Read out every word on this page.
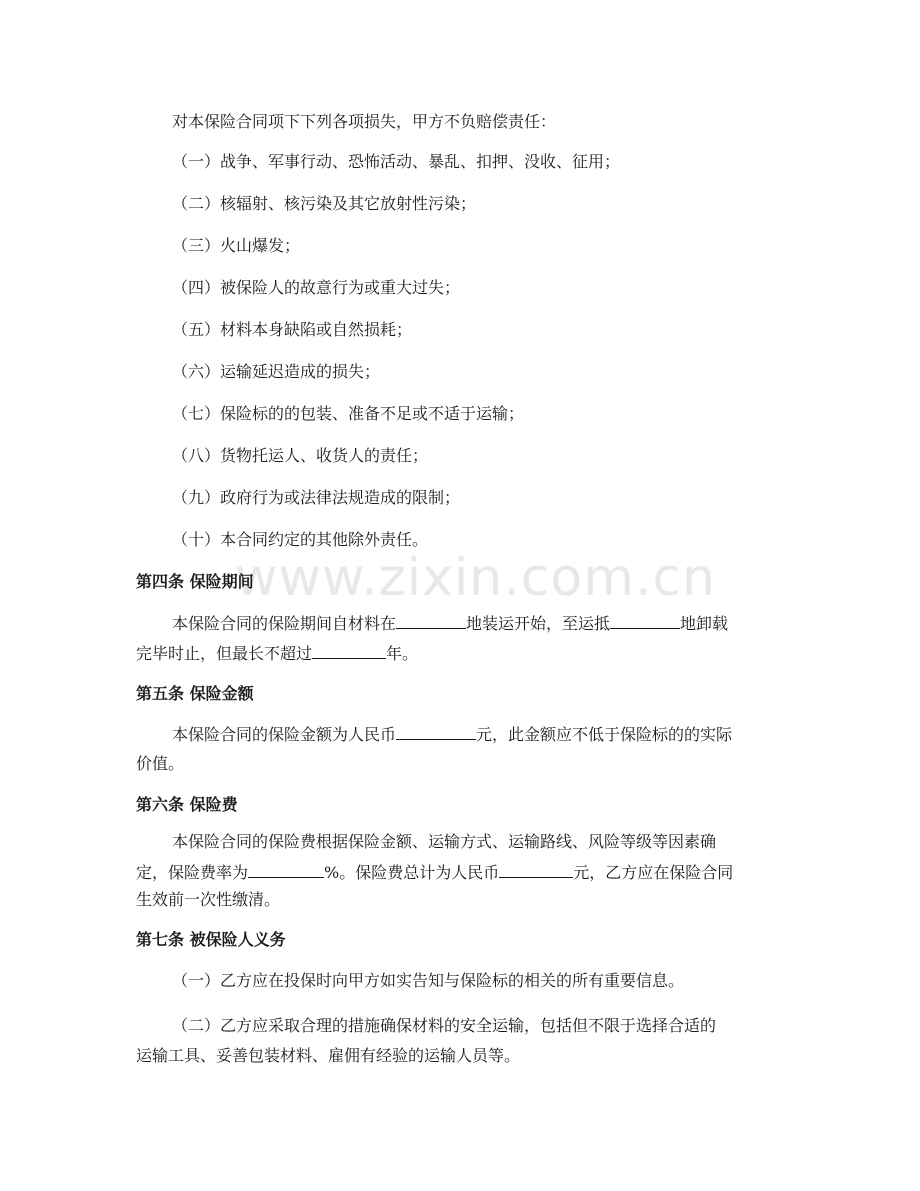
www.zixin.com.cn
对本保险合同项下下列各项损失，甲方不负赔偿责任：
（一）战争、军事行动、恐怖活动、暴乱、扣押、没收、征用；
（二）核辐射、核污染及其它放射性污染；
（三）火山爆发；
（四）被保险人的故意行为或重大过失；
（五）材料本身缺陷或自然损耗；
（六）运输延迟造成的损失；
（七）保险标的的包装、准备不足或不适于运输；
（八）货物托运人、收货人的责任；
（九）政府行为或法律法规造成的限制；
（十）本合同约定的其他除外责任。
第四条 保险期间
本保险合同的保险期间自材料在	地装运开始，至运抵	地卸载
完毕时止，但最长不超过	年。
第五条 保险金额
本保险合同的保险金额为人民币	元，此金额应不低于保险标的的实际
价值。
第六条 保险费
本保险合同的保险费根据保险金额、运输方式、运输路线、风险等级等因素确
定，保险费率为	%。保险费总计为人民币	元，乙方应在保险合同
生效前一次性缴清。
第七条 被保险人义务
（一）乙方应在投保时向甲方如实告知与保险标的相关的所有重要信息。
（二）乙方应采取合理的措施确保材料的安全运输，包括但不限于选择合适的
运输工具、妥善包装材料、雇佣有经验的运输人员等。
